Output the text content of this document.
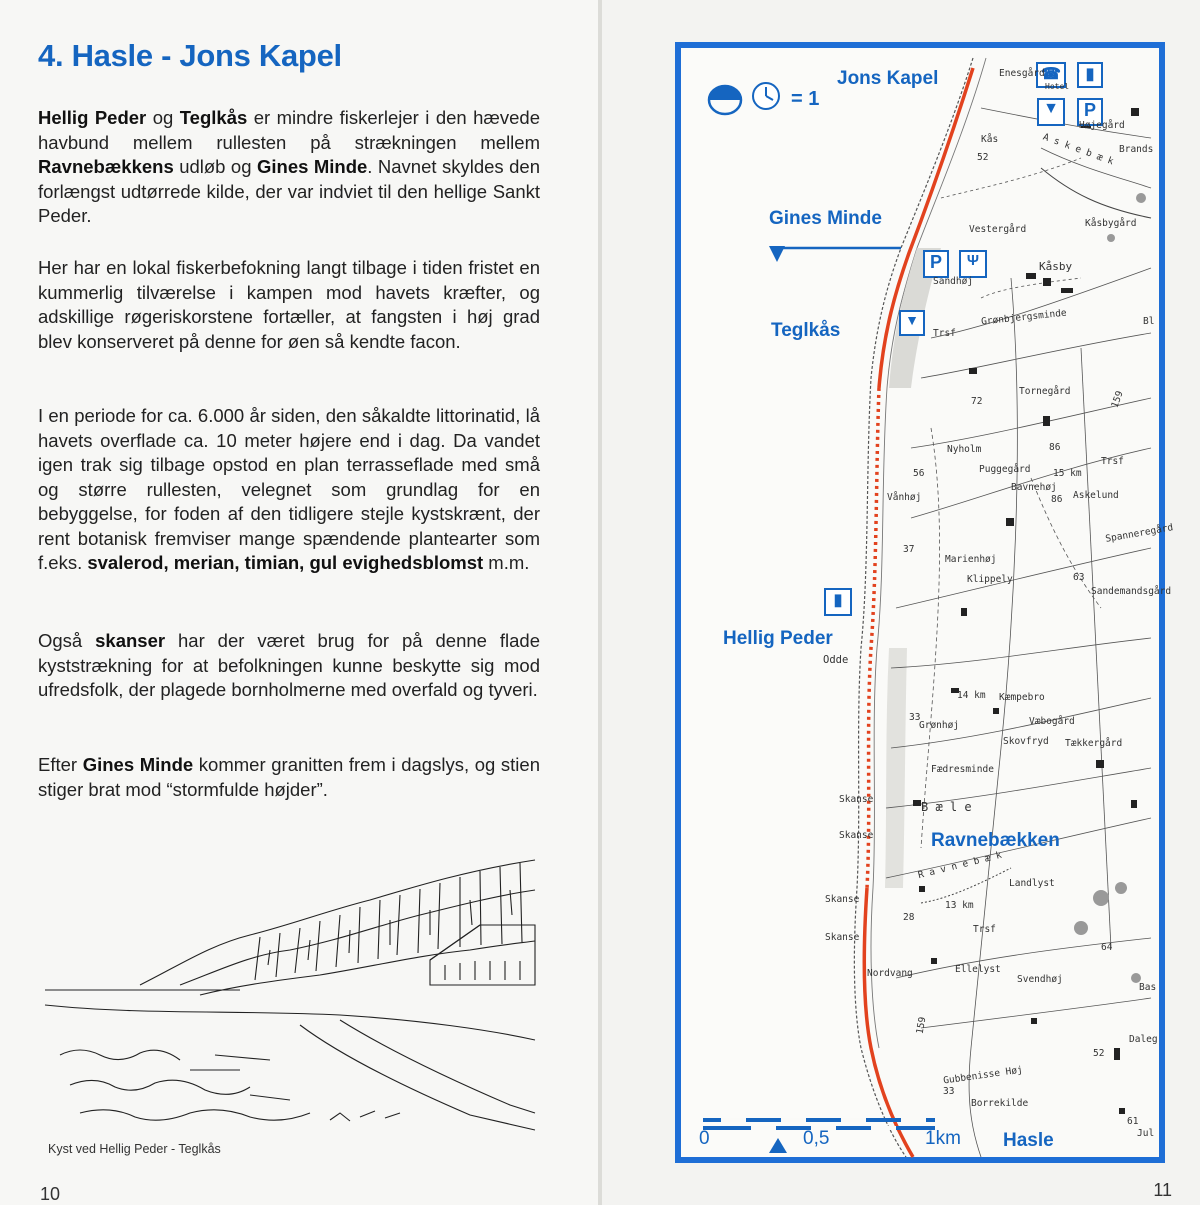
4. Hasle - Jons Kapel
Hellig Peder og Teglkås er mindre fiskerlejer i den hævede havbund mellem rullesten på strækningen mellem Ravnebækkens udløb og Gines Minde. Navnet skyldes den forlængst udtørrede kilde, der var indviet til den hellige Sankt Peder.
Her har en lokal fiskerbefokning langt tilbage i tiden fristet en kummerlig tilværelse i kampen mod havets kræfter, og adskillige røgeriskorstene fortæller, at fangsten i høj grad blev konserveret på denne for øen så kendte facon.
I en periode for ca. 6.000 år siden, den såkaldte littorinatid, lå havets overflade ca. 10 meter højere end i dag. Da vandet igen trak sig tilbage opstod en plan terrasseflade med små og større rullesten, velegnet som grundlag for en bebyggelse, for foden af den tidligere stejle kystskrænt, der rent botanisk fremviser mange spændende plantearter som f.eks. svalerod, merian, timian, gul evighedsblomst m.m.
Også skanser har der været brug for på denne flade kyststrækning for at befolkningen kunne beskytte sig mod ufredsfolk, der plagede bornholmerne med overfald og tyveri.
Efter Gines Minde kommer granitten frem i dagslys, og stien stiger brat mod “stormfulde højder”.
Kyst ved Hellig Peder - Teglkås
10
= 1
Jons Kapel
Gines Minde
Teglkås
Hellig Peder
Ravnebækken
Hasle
0	0,5	1km
☎	▮
▼	P
P	Ψ
▼
▮
Enesgård
Hotel
Kås
52	A s k e b æ k
Højegård
Brands
Vestergård
Kåsbygård
Kåsby
Sandhøj
Trsf
Grønbjergsminde	Bl
72
Tornegård	159
Nyholm	86
Trsf
Puggegård 15 km
Bavnehøj
86 Askelund
56
Vånhøj
Spanneregård
37
Marienhøj
Klippely	63
Sandemandsgård
Odde
14 km Kæmpebro
33
Grønhøj	Væbogård
Skovfryd Tækkergård
Fædresminde
Skanse
B æ l e
Skanse
R a v n e b æ k
Landlyst
Skanse
13 km
28
Trsf
Skanse
64
Nordvang	Ellelyst
Svendhøj
Bas
159
Daleg
52
Gubbenisse Høj
33
Borrekilde
61
Jul
11
